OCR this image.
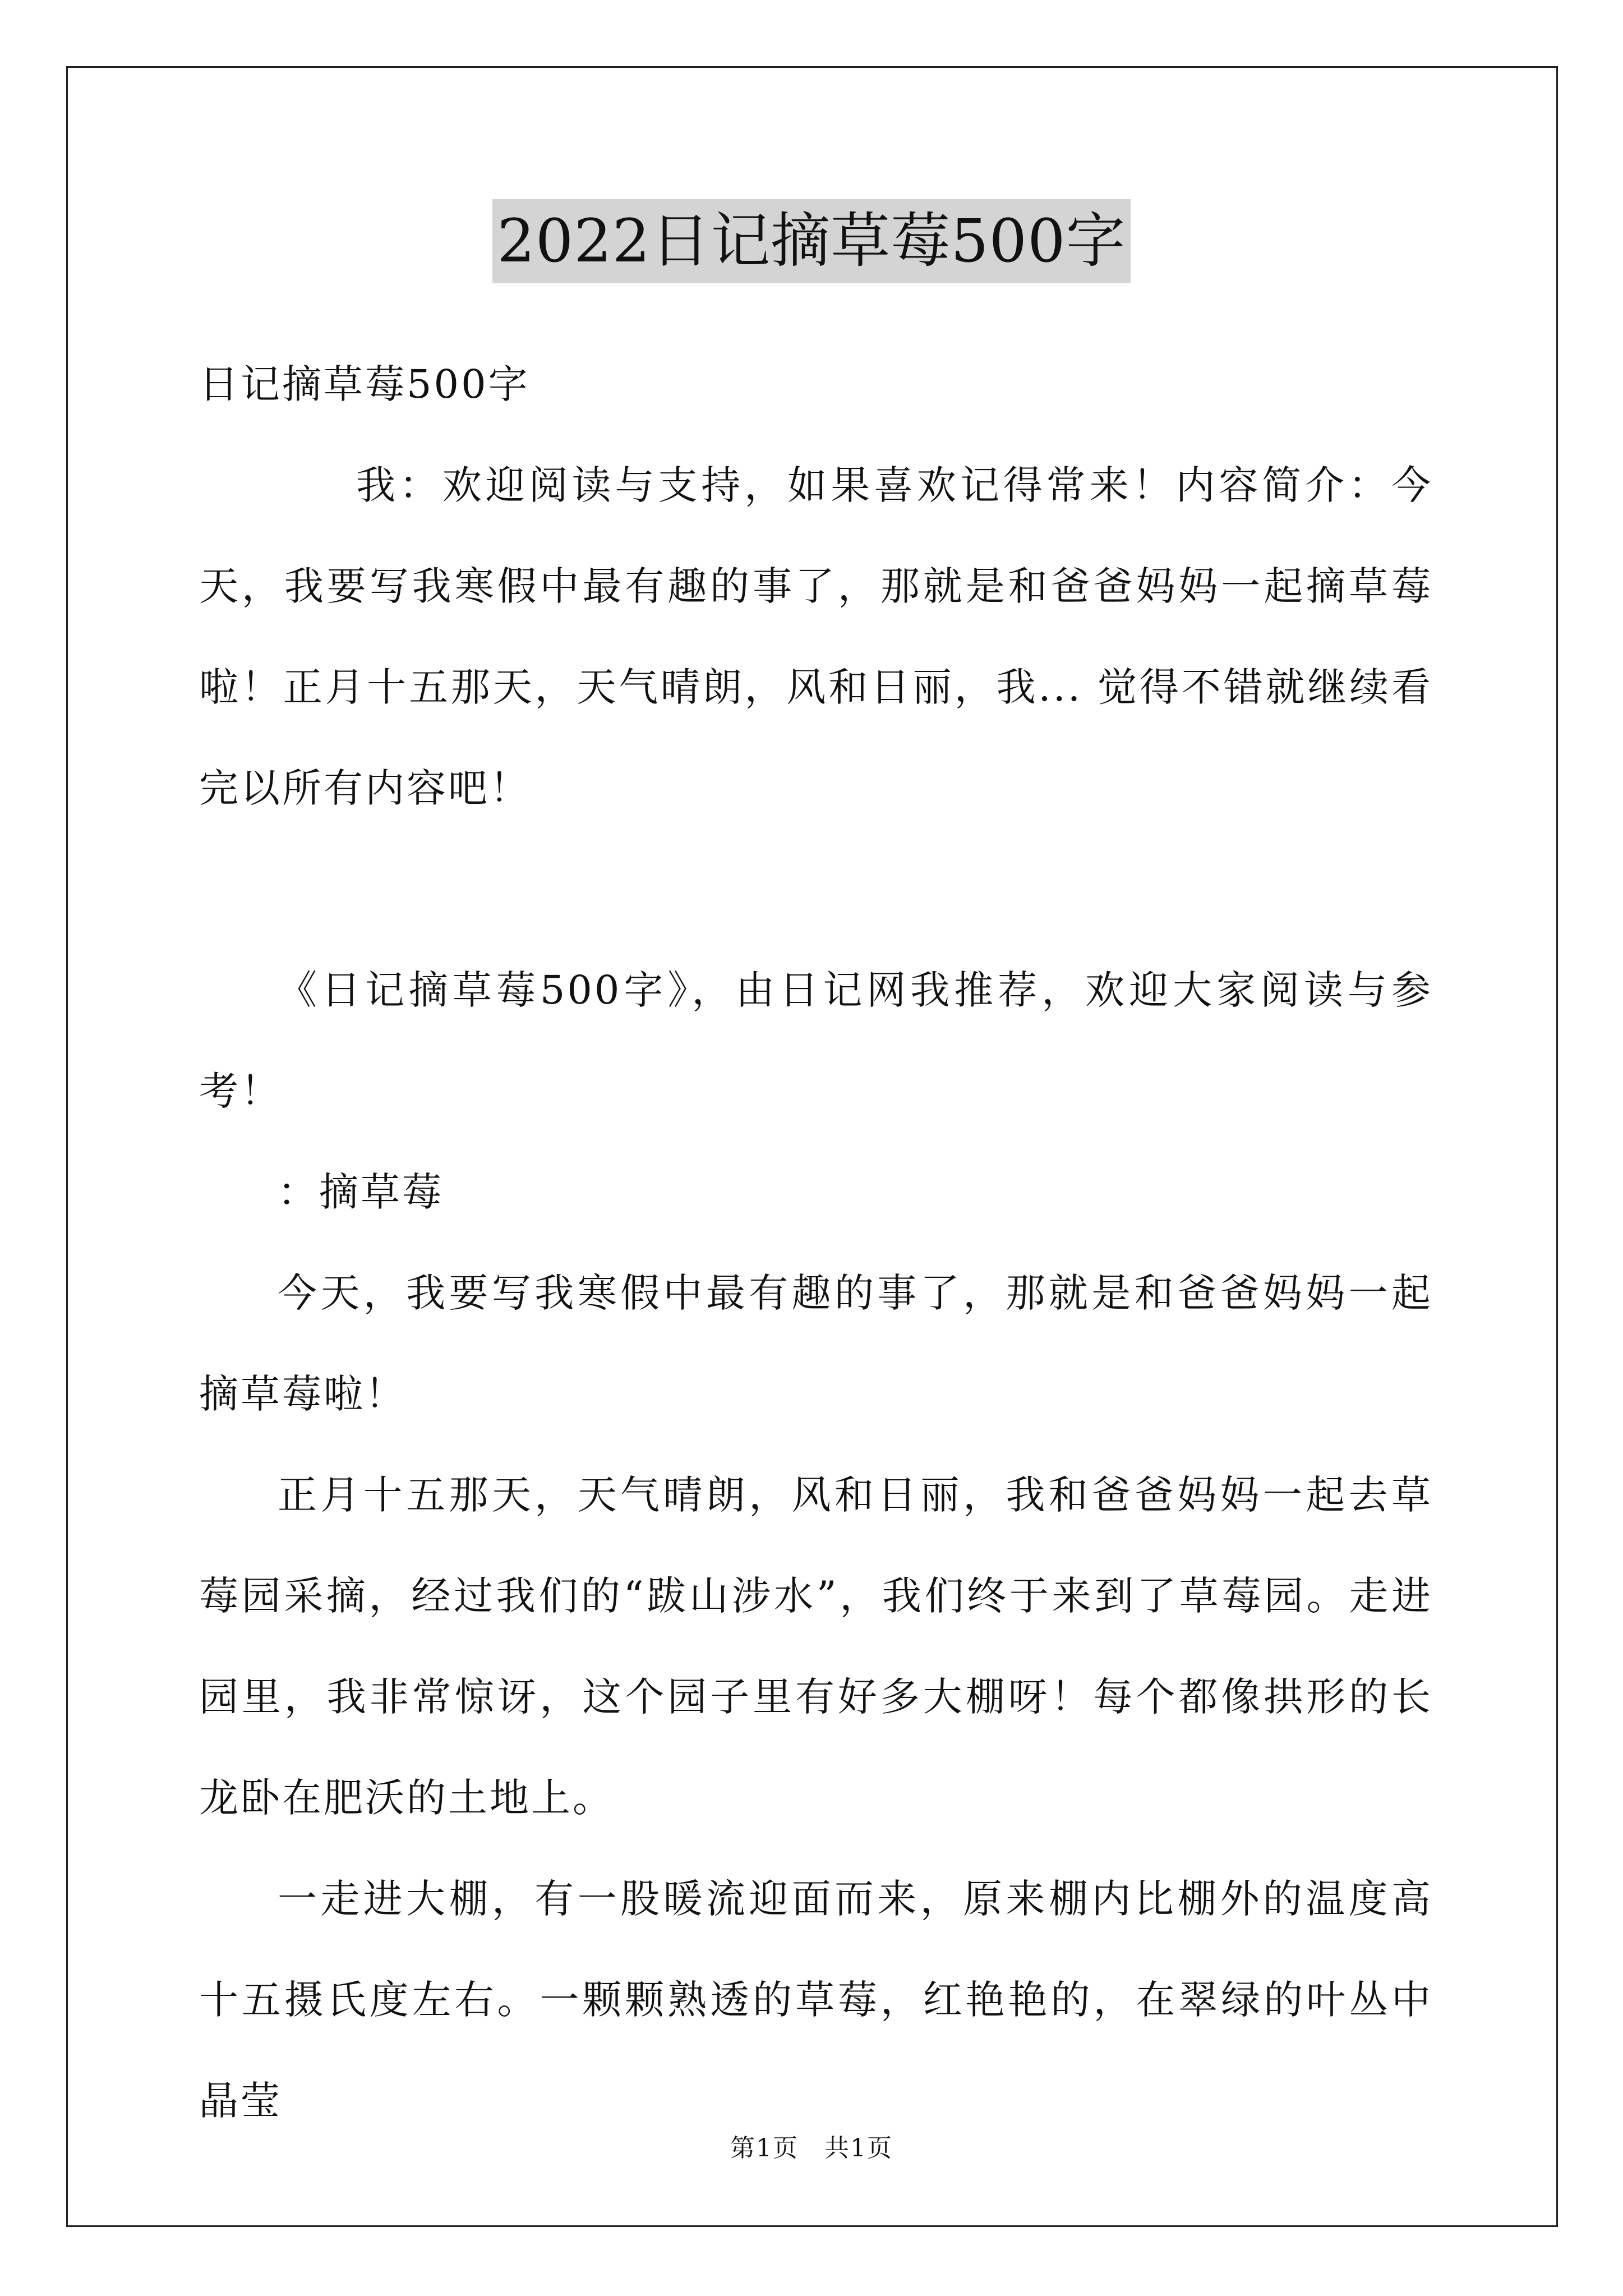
2022日记摘草莓500字

日记摘草莓500字

我：欢迎阅读与支持，如果喜欢记得常来！内容简介：今天，我要写我寒假中最有趣的事了，那就是和爸爸妈妈一起摘草莓啦！正月十五那天，天气晴朗，风和日丽，我... 觉得不错就继续看完以所有内容吧！

《日记摘草莓500字》，由日记网我推荐，欢迎大家阅读与参考！

：摘草莓

今天，我要写我寒假中最有趣的事了，那就是和爸爸妈妈一起摘草莓啦！

正月十五那天，天气晴朗，风和日丽，我和爸爸妈妈一起去草莓园采摘，经过我们的“跋山涉水”，我们终于来到了草莓园。走进园里，我非常惊讶，这个园子里有好多大棚呀！每个都像拱形的长龙卧在肥沃的土地上。

一走进大棚，有一股暖流迎面而来，原来棚内比棚外的温度高十五摄氏度左右。一颗颗熟透的草莓，红艳艳的，在翠绿的叶丛中晶莹

第1页　共1页
